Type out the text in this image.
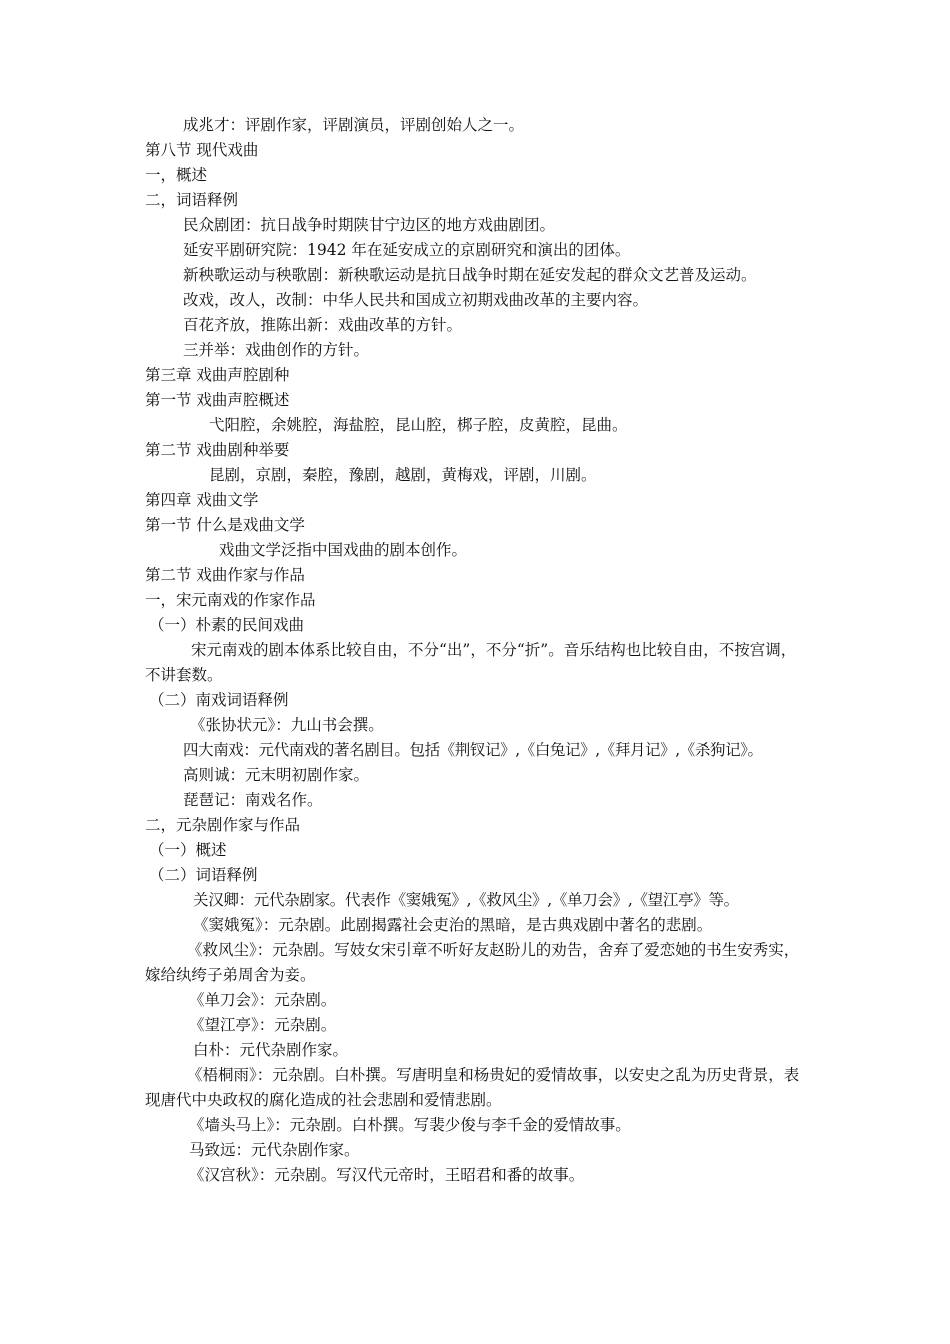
成兆才：评剧作家，评剧演员，评剧创始人之一。
第八节 现代戏曲
一，概述
二，词语释例
民众剧团：抗日战争时期陕甘宁边区的地方戏曲剧团。
延安平剧研究院：1942 年在延安成立的京剧研究和演出的团体。
新秧歌运动与秧歌剧：新秧歌运动是抗日战争时期在延安发起的群众文艺普及运动。
改戏，改人，改制：中华人民共和国成立初期戏曲改革的主要内容。
百花齐放，推陈出新：戏曲改革的方针。
三并举：戏曲创作的方针。
第三章 戏曲声腔剧种
第一节 戏曲声腔概述
弋阳腔，余姚腔，海盐腔，昆山腔，梆子腔，皮黄腔，昆曲。
第二节 戏曲剧种举要
昆剧，京剧，秦腔，豫剧，越剧，黄梅戏，评剧，川剧。
第四章 戏曲文学
第一节 什么是戏曲文学
戏曲文学泛指中国戏曲的剧本创作。
第二节 戏曲作家与作品
一，宋元南戏的作家作品
（一）朴素的民间戏曲
宋元南戏的剧本体系比较自由，不分“出”，不分“折”。音乐结构也比较自由，不按宫调，不讲套数。
（二）南戏词语释例
《张协状元》：九山书会撰。
四大南戏：元代南戏的著名剧目。包括《荆钗记》,《白兔记》,《拜月记》,《杀狗记》。
高则诚：元末明初剧作家。
琵琶记：南戏名作。
二，元杂剧作家与作品
（一）概述
（二）词语释例
关汉卿：元代杂剧家。代表作《窦娥冤》,《救风尘》,《单刀会》,《望江亭》等。
《窦娥冤》：元杂剧。此剧揭露社会吏治的黑暗，是古典戏剧中著名的悲剧。
《救风尘》：元杂剧。写妓女宋引章不听好友赵盼儿的劝告，舍弃了爱恋她的书生安秀实，嫁给纨绔子弟周舍为妾。
《单刀会》：元杂剧。
《望江亭》：元杂剧。
白朴：元代杂剧作家。
《梧桐雨》：元杂剧。白朴撰。写唐明皇和杨贵妃的爱情故事，以安史之乱为历史背景，表现唐代中央政权的腐化造成的社会悲剧和爱情悲剧。
《墙头马上》：元杂剧。白朴撰。写裴少俊与李千金的爱情故事。
马致远：元代杂剧作家。
《汉宫秋》：元杂剧。写汉代元帝时，王昭君和番的故事。
